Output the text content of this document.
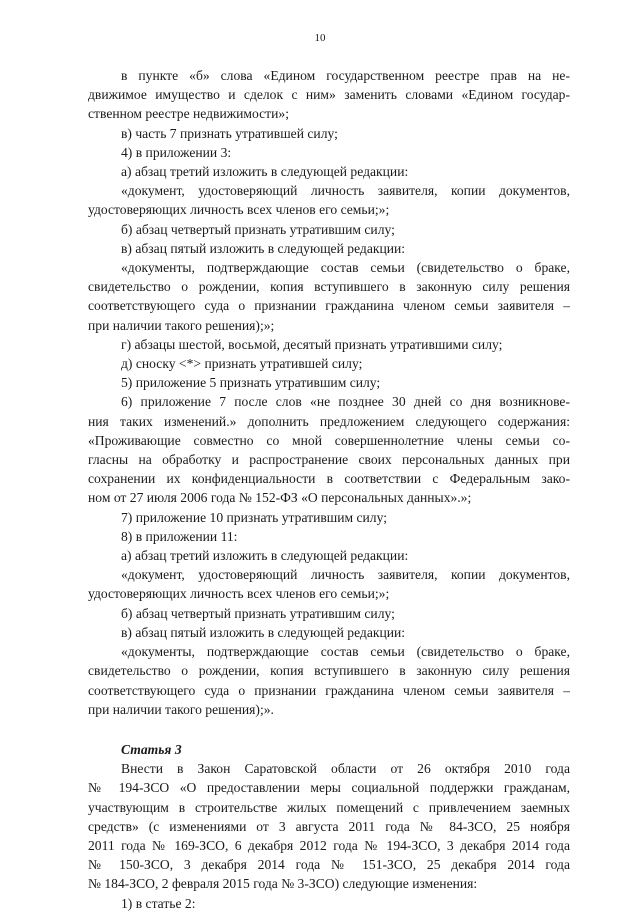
10
в пункте «б» слова «Едином государственном реестре прав на не-
движимое имущество и сделок с ним» заменить словами «Едином государ-
ственном реестре недвижимости»;
в) часть 7 признать утратившей силу;
4) в приложении 3:
а) абзац третий изложить в следующей редакции:
«документ, удостоверяющий личность заявителя, копии документов,
удостоверяющих личность всех членов его семьи;»;
б) абзац четвертый признать утратившим силу;
в) абзац пятый изложить в следующей редакции:
«документы, подтверждающие состав семьи (свидетельство о браке,
свидетельство о рождении, копия вступившего в законную силу решения
соответствующего суда о признании гражданина членом семьи заявителя –
при наличии такого решения);»;
г) абзацы шестой, восьмой, десятый признать утратившими силу;
д) сноску <*> признать утратившей силу;
5) приложение 5 признать утратившим силу;
6) приложение 7 после слов «не позднее 30 дней со дня возникнове-
ния таких изменений.» дополнить предложением следующего содержания:
«Проживающие совместно со мной совершеннолетние члены семьи со-
гласны на обработку и распространение своих персональных данных при
сохранении их конфиденциальности в соответствии с Федеральным зако-
ном от 27 июля 2006 года № 152-ФЗ «О персональных данных».»;
7) приложение 10 признать утратившим силу;
8) в приложении 11:
а) абзац третий изложить в следующей редакции:
«документ, удостоверяющий личность заявителя, копии документов,
удостоверяющих личность всех членов его семьи;»;
б) абзац четвертый признать утратившим силу;
в) абзац пятый изложить в следующей редакции:
«документы, подтверждающие состав семьи (свидетельство о браке,
свидетельство о рождении, копия вступившего в законную силу решения
соответствующего суда о признании гражданина членом семьи заявителя –
при наличии такого решения);».
Статья 3
Внести в Закон Саратовской области от 26 октября 2010 года
№ 194-ЗСО «О предоставлении меры социальной поддержки гражданам,
участвующим в строительстве жилых помещений с привлечением заемных
средств» (с изменениями от 3 августа 2011 года № 84-ЗСО, 25 ноября
2011 года № 169-ЗСО, 6 декабря 2012 года № 194-ЗСО, 3 декабря 2014 года
№ 150-ЗСО, 3 декабря 2014 года № 151-ЗСО, 25 декабря 2014 года
№ 184-ЗСО, 2 февраля 2015 года № 3-ЗСО) следующие изменения:
1) в статье 2:
